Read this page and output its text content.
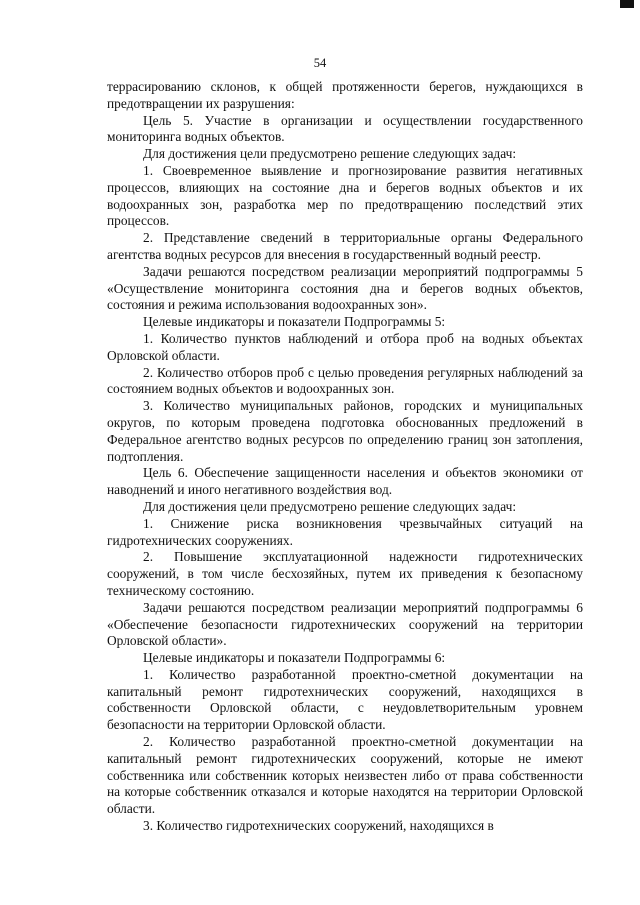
54

террасированию склонов, к общей протяженности берегов, нуждающихся в предотвращении их разрушения:

Цель 5. Участие в организации и осуществлении государственного мониторинга водных объектов.

Для достижения цели предусмотрено решение следующих задач:

1. Своевременное выявление и прогнозирование развития негативных процессов, влияющих на состояние дна и берегов водных объектов и их водоохранных зон, разработка мер по предотвращению последствий этих процессов.

2. Представление сведений в территориальные органы Федерального агентства водных ресурсов для внесения в государственный водный реестр.

Задачи решаются посредством реализации мероприятий подпрограммы 5 «Осуществление мониторинга состояния дна и берегов водных объектов, состояния и режима использования водоохранных зон».

Целевые индикаторы и показатели Подпрограммы 5:

1. Количество пунктов наблюдений и отбора проб на водных объектах Орловской области.

2. Количество отборов проб с целью проведения регулярных наблюдений за состоянием водных объектов и водоохранных зон.

3. Количество муниципальных районов, городских и муниципальных округов, по которым проведена подготовка обоснованных предложений в Федеральное агентство водных ресурсов по определению границ зон затопления, подтопления.

Цель 6. Обеспечение защищенности населения и объектов экономики от наводнений и иного негативного воздействия вод.

Для достижения цели предусмотрено решение следующих задач:

1. Снижение риска возникновения чрезвычайных ситуаций на гидротехнических сооружениях.

2. Повышение эксплуатационной надежности гидротехнических сооружений, в том числе бесхозяйных, путем их приведения к безопасному техническому состоянию.

Задачи решаются посредством реализации мероприятий подпрограммы 6 «Обеспечение безопасности гидротехнических сооружений на территории Орловской области».

Целевые индикаторы и показатели Подпрограммы 6:

1. Количество разработанной проектно-сметной документации на капитальный ремонт гидротехнических сооружений, находящихся в собственности Орловской области, с неудовлетворительным уровнем безопасности на территории Орловской области.

2. Количество разработанной проектно-сметной документации на капитальный ремонт гидротехнических сооружений, которые не имеют собственника или собственник которых неизвестен либо от права собственности на которые собственник отказался и которые находятся на территории Орловской области.

3. Количество гидротехнических сооружений, находящихся в
